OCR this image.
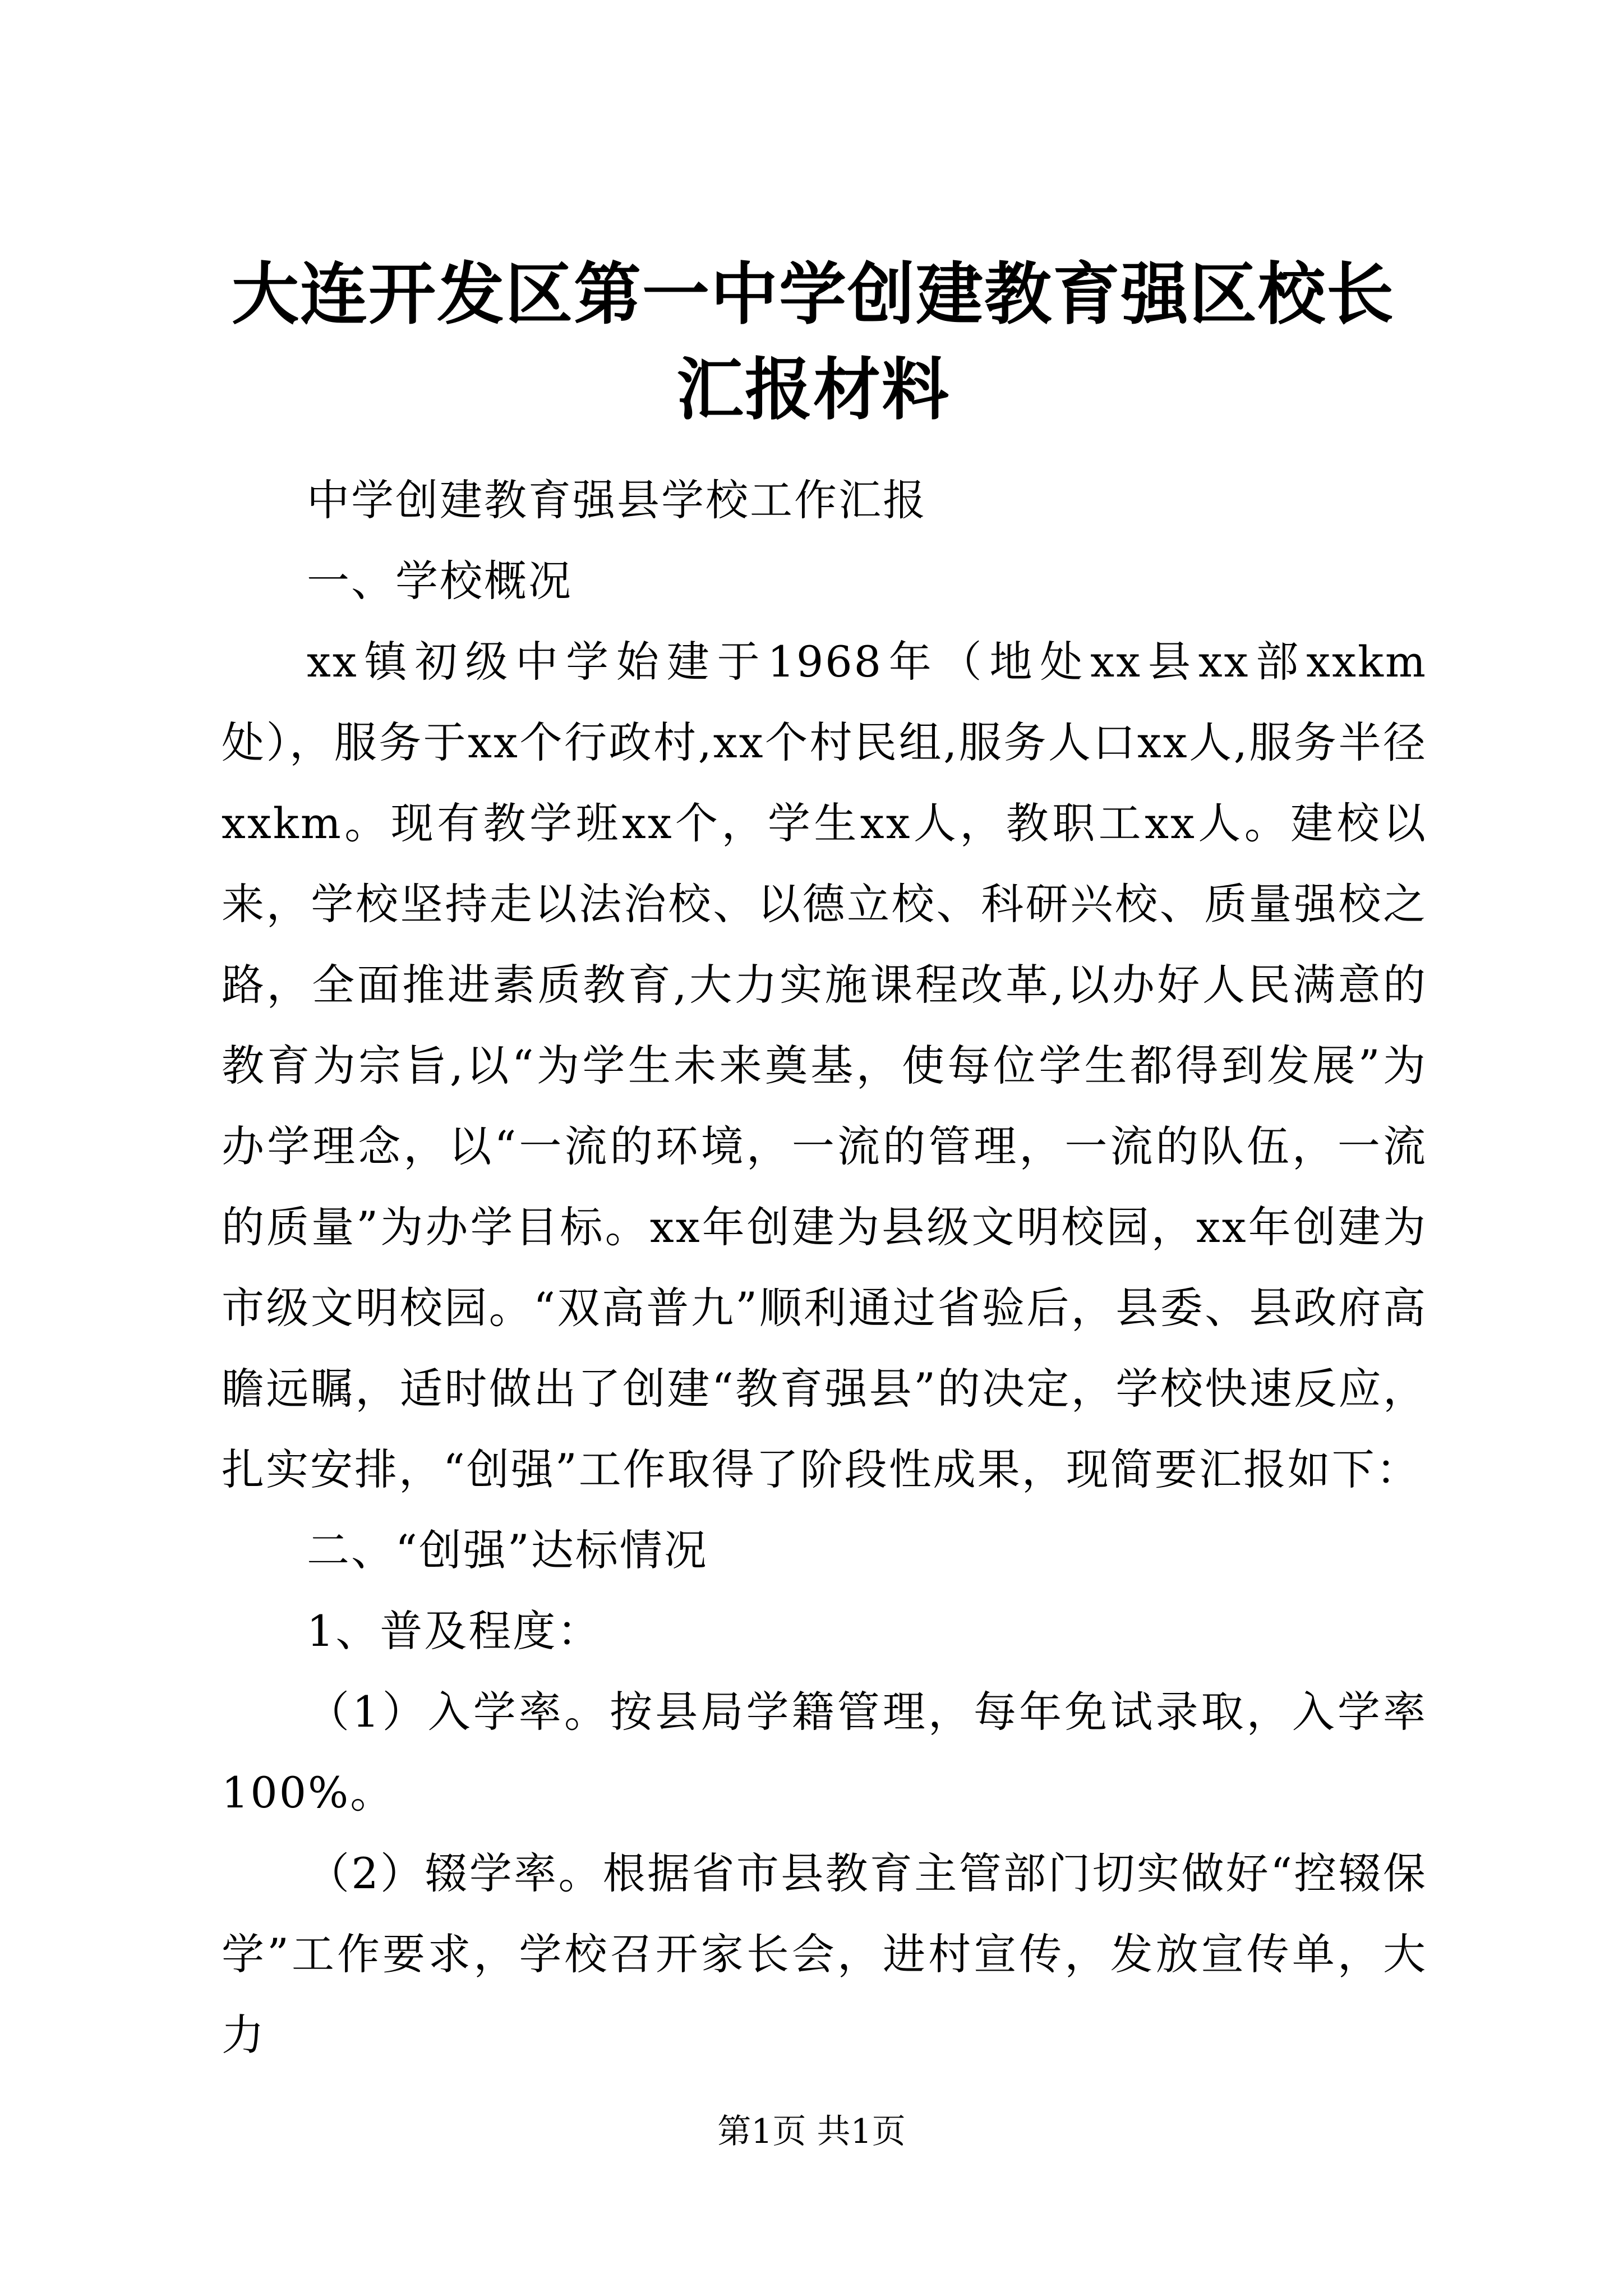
大连开发区第一中学创建教育强区校长汇报材料

中学创建教育强县学校工作汇报

一、学校概况

xx镇初级中学始建于1968年（地处xx县xx部xxkm处），服务于xx个行政村,xx个村民组,服务人口xx人,服务半径xxkm。现有教学班xx个，学生xx人，教职工xx人。建校以来，学校坚持走以法治校、以德立校、科研兴校、质量强校之路，全面推进素质教育,大力实施课程改革,以办好人民满意的教育为宗旨,以“为学生未来奠基，使每位学生都得到发展”为办学理念，以“一流的环境，一流的管理，一流的队伍，一流的质量”为办学目标。xx年创建为县级文明校园，xx年创建为市级文明校园。“双高普九”顺利通过省验后，县委、县政府高瞻远瞩，适时做出了创建“教育强县”的决定，学校快速反应，扎实安排，“创强”工作取得了阶段性成果，现简要汇报如下：

二、“创强”达标情况

1、普及程度：

（1）入学率。按县局学籍管理，每年免试录取，入学率100%。

（2）辍学率。根据省市县教育主管部门切实做好“控辍保学”工作要求，学校召开家长会，进村宣传，发放宣传单，大力

第1页 共1页
